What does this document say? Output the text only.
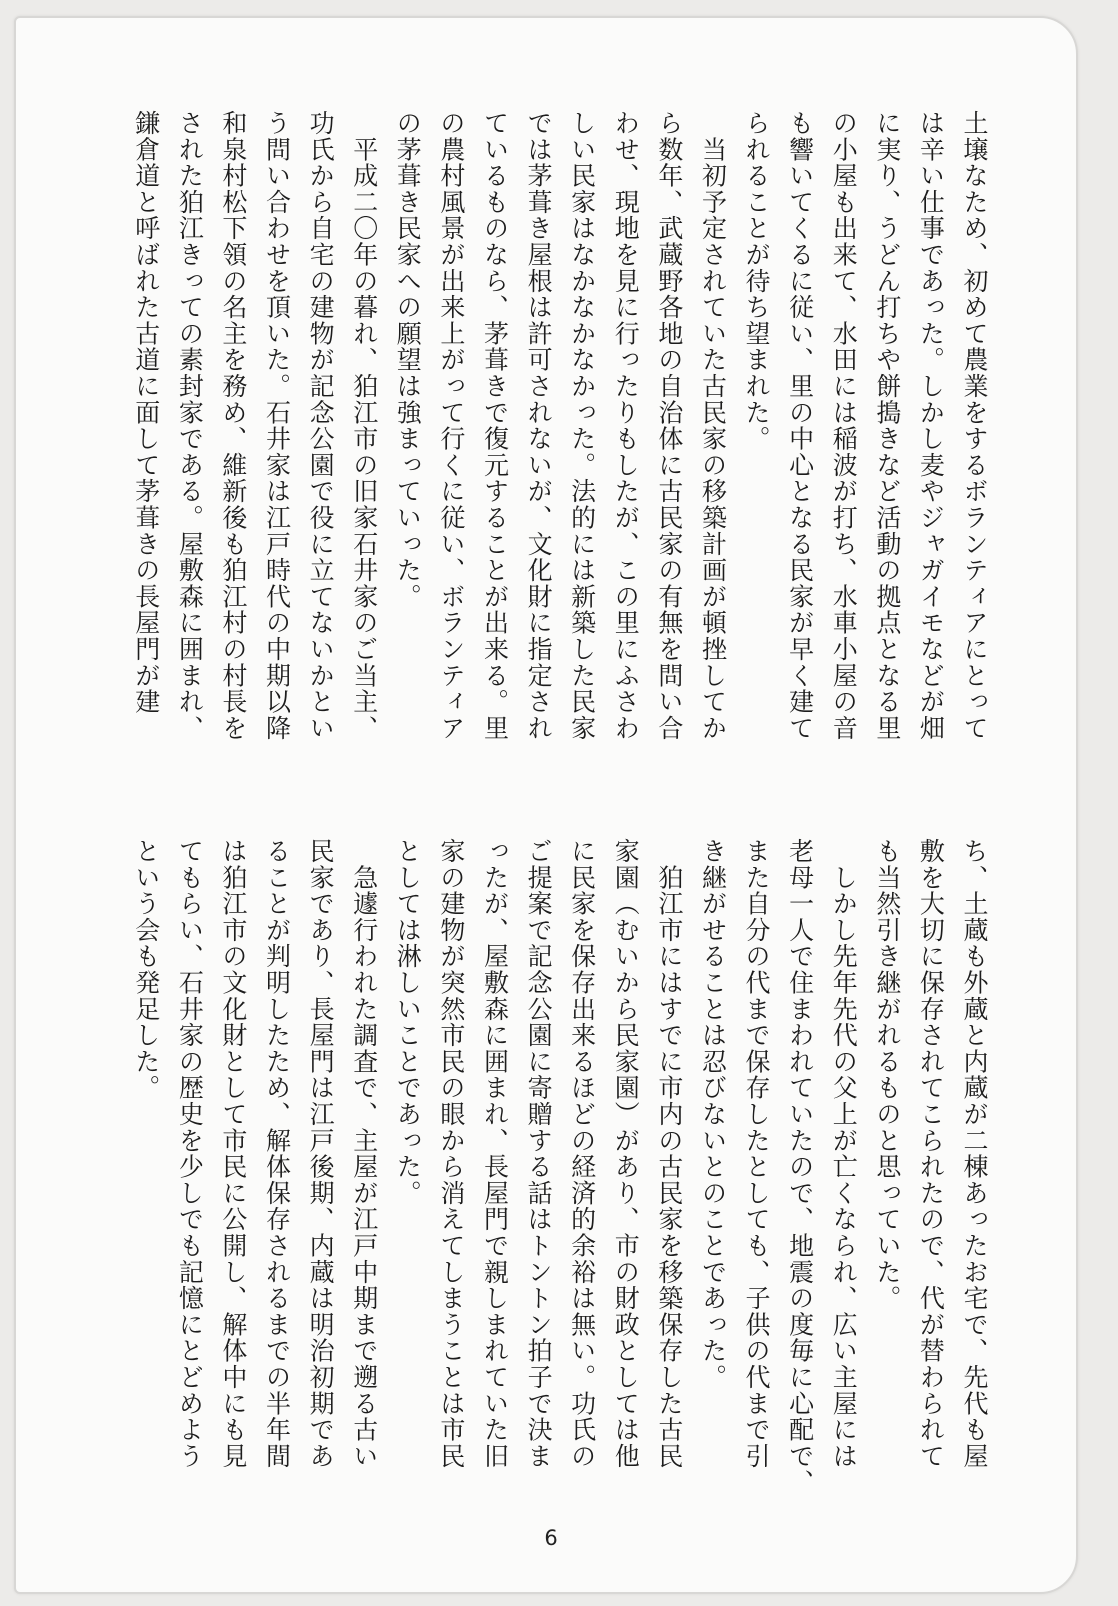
土壌なため、初めて農業をするボランティアにとって
は辛い仕事であった。しかし麦やジャガイモなどが畑
に実り、うどん打ちや餅搗きなど活動の拠点となる里
の小屋も出来て、水田には稲波が打ち、水車小屋の音
も響いてくるに従い、里の中心となる民家が早く建て
られることが待ち望まれた。
　当初予定されていた古民家の移築計画が頓挫してか
ら数年、武蔵野各地の自治体に古民家の有無を問い合
わせ、現地を見に行ったりもしたが、この里にふさわ
しい民家はなかなかなかった。法的には新築した民家
では茅葺き屋根は許可されないが、文化財に指定され
ているものなら、茅葺きで復元することが出来る。里
の農村風景が出来上がって行くに従い、ボランティア
の茅葺き民家への願望は強まっていった。
　平成二〇年の暮れ、狛江市の旧家石井家のご当主、
功氏から自宅の建物が記念公園で役に立てないかとい
う問い合わせを頂いた。石井家は江戸時代の中期以降
和泉村松下領の名主を務め、維新後も狛江村の村長を
された狛江きっての素封家である。屋敷森に囲まれ、
鎌倉道と呼ばれた古道に面して茅葺きの長屋門が建
ち、土蔵も外蔵と内蔵が二棟あったお宅で、先代も屋
敷を大切に保存されてこられたので、代が替わられて
も当然引き継がれるものと思っていた。
　しかし先年先代の父上が亡くなられ、広い主屋には
老母一人で住まわれていたので、地震の度毎に心配で、
また自分の代まで保存したとしても、子供の代まで引
き継がせることは忍びないとのことであった。
　狛江市にはすでに市内の古民家を移築保存した古民
家園（むいから民家園）があり、市の財政としては他
に民家を保存出来るほどの経済的余裕は無い。功氏の
ご提案で記念公園に寄贈する話はトントン拍子で決ま
ったが、屋敷森に囲まれ、長屋門で親しまれていた旧
家の建物が突然市民の眼から消えてしまうことは市民
としては淋しいことであった。
　急遽行われた調査で、主屋が江戸中期まで遡る古い
民家であり、長屋門は江戸後期、内蔵は明治初期であ
ることが判明したため、解体保存されるまでの半年間
は狛江市の文化財として市民に公開し、解体中にも見
てもらい、石井家の歴史を少しでも記憶にとどめよう
という会も発足した。
6
